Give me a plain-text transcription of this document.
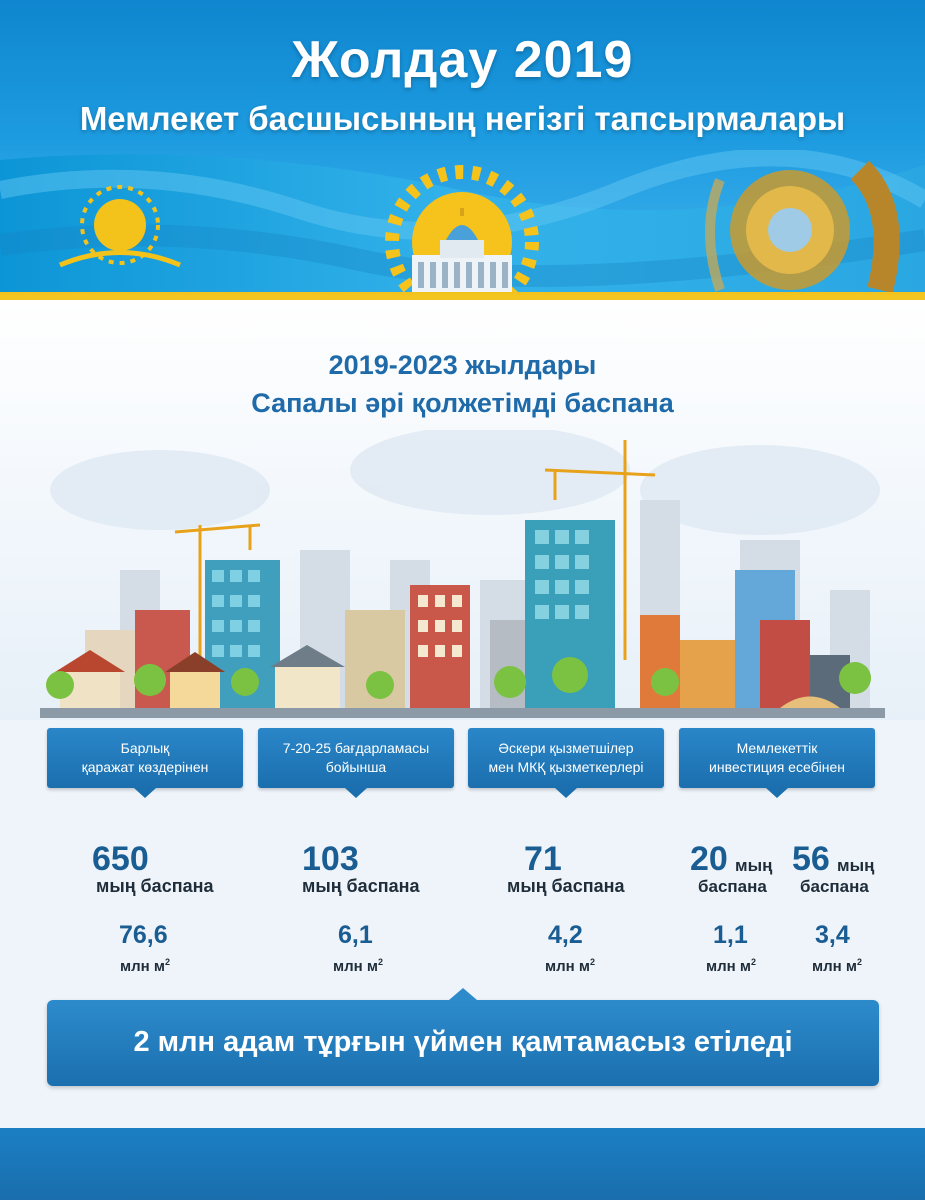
Жолдау 2019
Мемлекет басшысының негізгі тапсырмалары
2019-2023 жылдары
Сапалы әрі қолжетімді баспана
Барлық
қаражат көздерінен
7-20-25 бағдарламасы
бойынша
Әскери қызметшілер
мен МКҚ қызметкерлері
Мемлекеттік
инвестиция есебінен
650
мың баспана
76,6
млн $м^2$
103
мың баспана
6,1
млн $м^2$
71
мың баспана
4,2
млн $м^2$
20 мың
баспана
1,1
млн $м^2$
56 мың
баспана
3,4
млн $м^2$
2 млн адам тұрғын үймен қамтамасыз етіледі
